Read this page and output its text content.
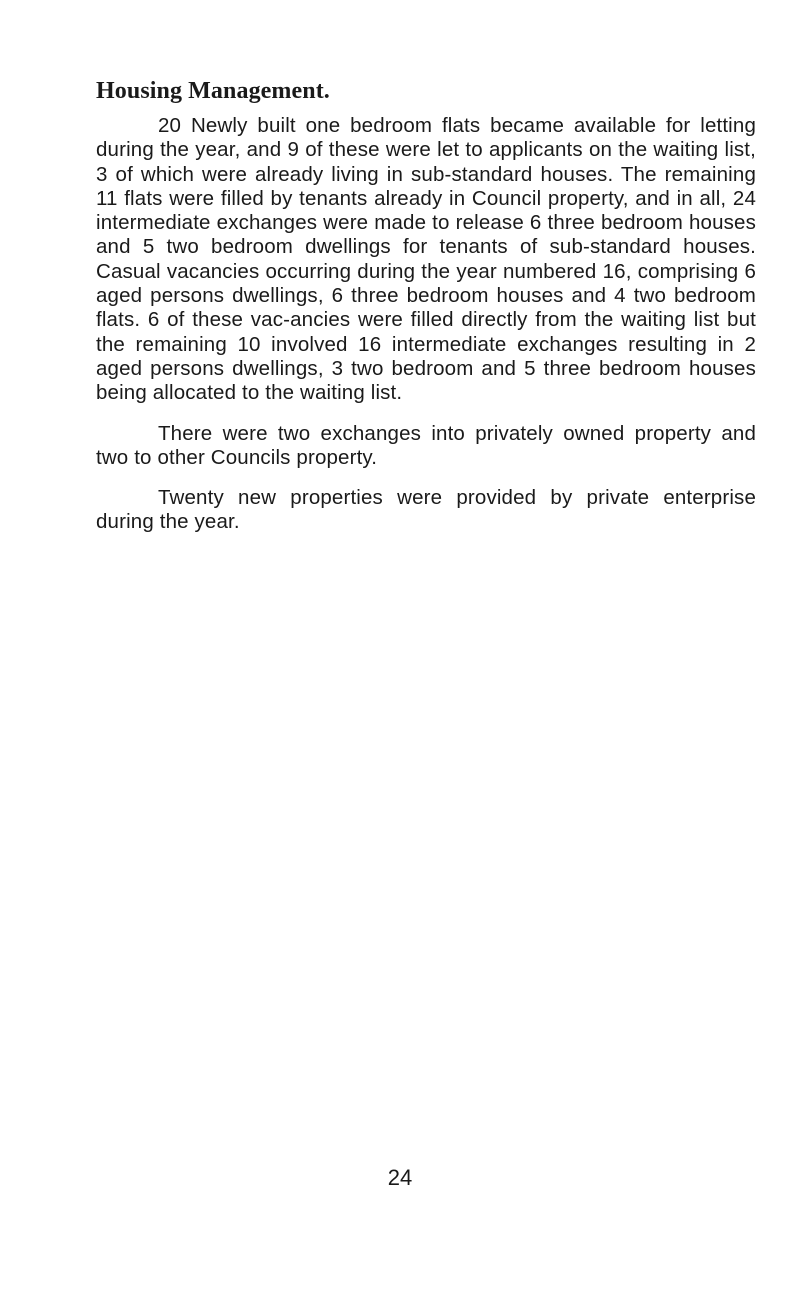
Housing Management.

20 Newly built one bedroom flats became available for letting during the year, and 9 of these were let to applicants on the waiting list, 3 of which were already living in sub-standard houses. The remaining 11 flats were filled by tenants already in Council property, and in all, 24 intermediate exchanges were made to release 6 three bedroom houses and 5 two bedroom dwellings for tenants of sub-standard houses. Casual vacancies occurring during the year numbered 16, comprising 6 aged persons dwellings, 6 three bedroom houses and 4 two bedroom flats. 6 of these vac-ancies were filled directly from the waiting list but the remaining 10 involved 16 intermediate exchanges resulting in 2 aged persons dwellings, 3 two bedroom and 5 three bedroom houses being allocated to the waiting list.

There were two exchanges into privately owned property and two to other Councils property.

Twenty new properties were provided by private enterprise during the year.

24
